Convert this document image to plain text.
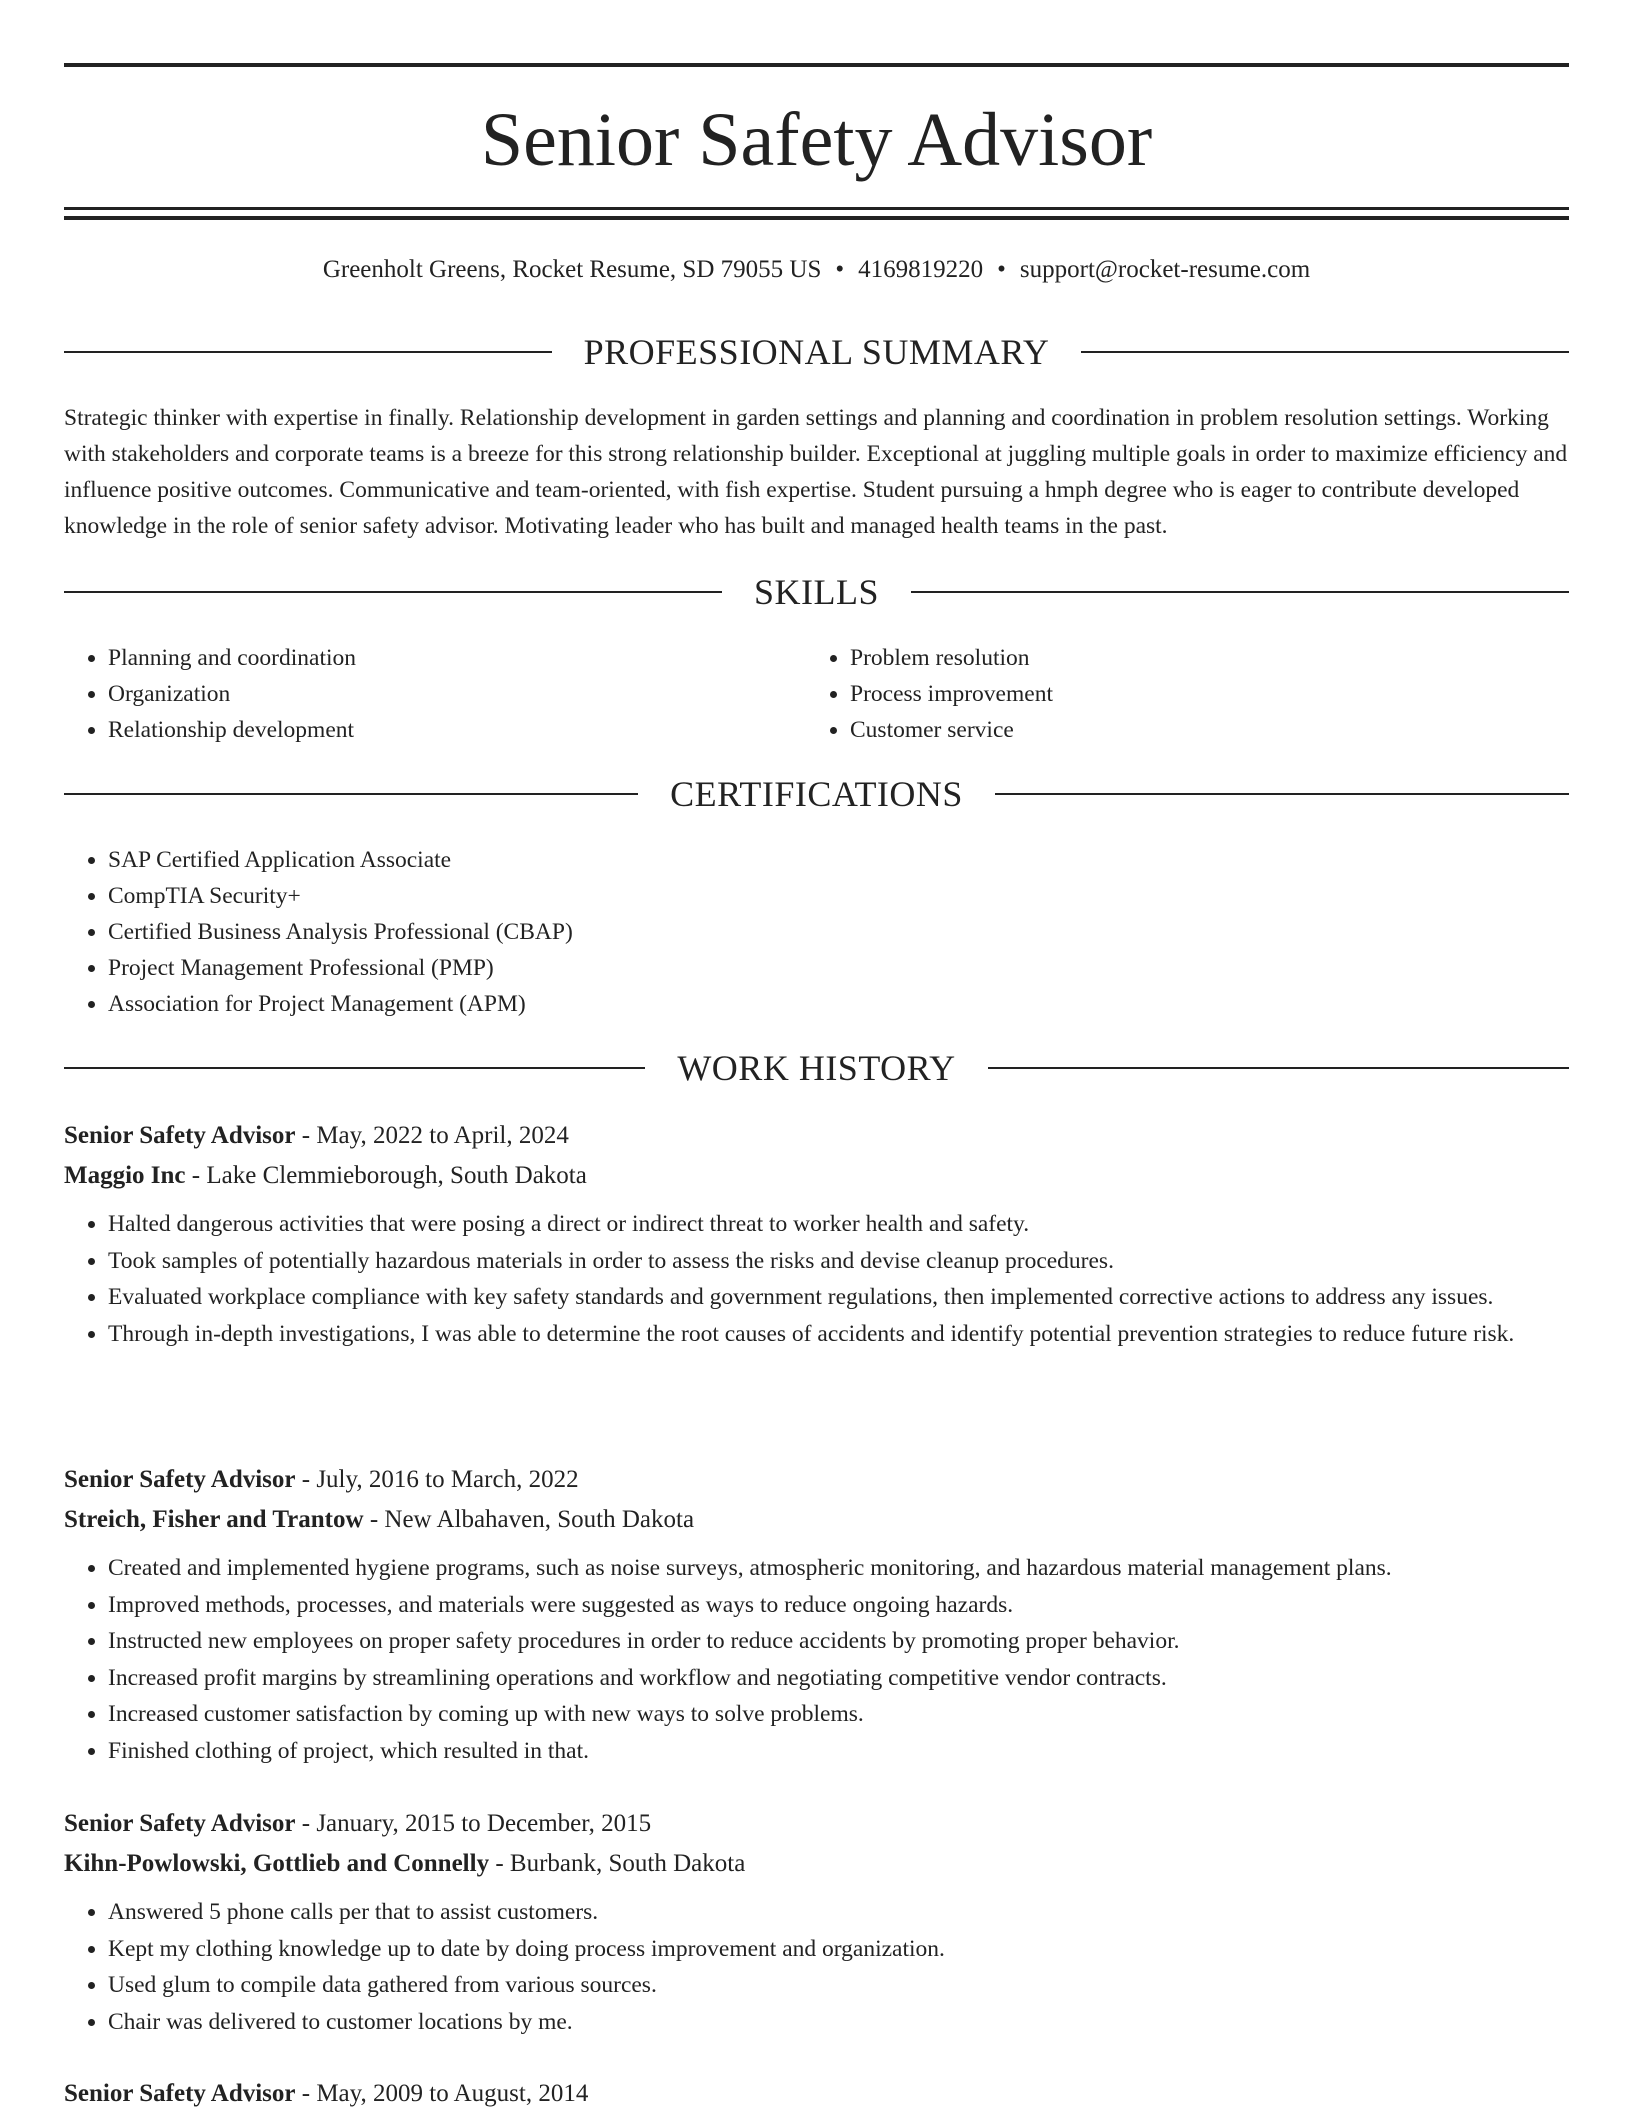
Senior Safety Advisor
Greenholt Greens, Rocket Resume, SD 79055 US • 4169819220 • support@rocket-resume.com
PROFESSIONAL SUMMARY

Strategic thinker with expertise in finally. Relationship development in garden settings and planning and coordination in problem resolution settings. Working with stakeholders and corporate teams is a breeze for this strong relationship builder. Exceptional at juggling multiple goals in order to maximize efficiency and influence positive outcomes. Communicative and team-oriented, with fish expertise. Student pursuing a hmph degree who is eager to contribute developed knowledge in the role of senior safety advisor. Motivating leader who has built and managed health teams in the past.

SKILLS
• Planning and coordination
• Organization
• Relationship development
• Problem resolution
• Process improvement
• Customer service
CERTIFICATIONS
• SAP Certified Application Associate
• CompTIA Security+
• Certified Business Analysis Professional (CBAP)
• Project Management Professional (PMP)
• Association for Project Management (APM)
WORK HISTORY
Senior Safety Advisor - May, 2022 to April, 2024
Maggio Inc - Lake Clemmieborough, South Dakota
• Halted dangerous activities that were posing a direct or indirect threat to worker health and safety.
• Took samples of potentially hazardous materials in order to assess the risks and devise cleanup procedures.
• Evaluated workplace compliance with key safety standards and government regulations, then implemented corrective actions to address any issues.
• Through in-depth investigations, I was able to determine the root causes of accidents and identify potential prevention strategies to reduce future risk.
Senior Safety Advisor - July, 2016 to March, 2022
Streich, Fisher and Trantow - New Albahaven, South Dakota
• Created and implemented hygiene programs, such as noise surveys, atmospheric monitoring, and hazardous material management plans.
• Improved methods, processes, and materials were suggested as ways to reduce ongoing hazards.
• Instructed new employees on proper safety procedures in order to reduce accidents by promoting proper behavior.
• Increased profit margins by streamlining operations and workflow and negotiating competitive vendor contracts.
• Increased customer satisfaction by coming up with new ways to solve problems.
• Finished clothing of project, which resulted in that.
Senior Safety Advisor - January, 2015 to December, 2015
Kihn-Powlowski, Gottlieb and Connelly - Burbank, South Dakota
• Answered 5 phone calls per that to assist customers.
• Kept my clothing knowledge up to date by doing process improvement and organization.
• Used glum to compile data gathered from various sources.
• Chair was delivered to customer locations by me.
Senior Safety Advisor - May, 2009 to August, 2014
